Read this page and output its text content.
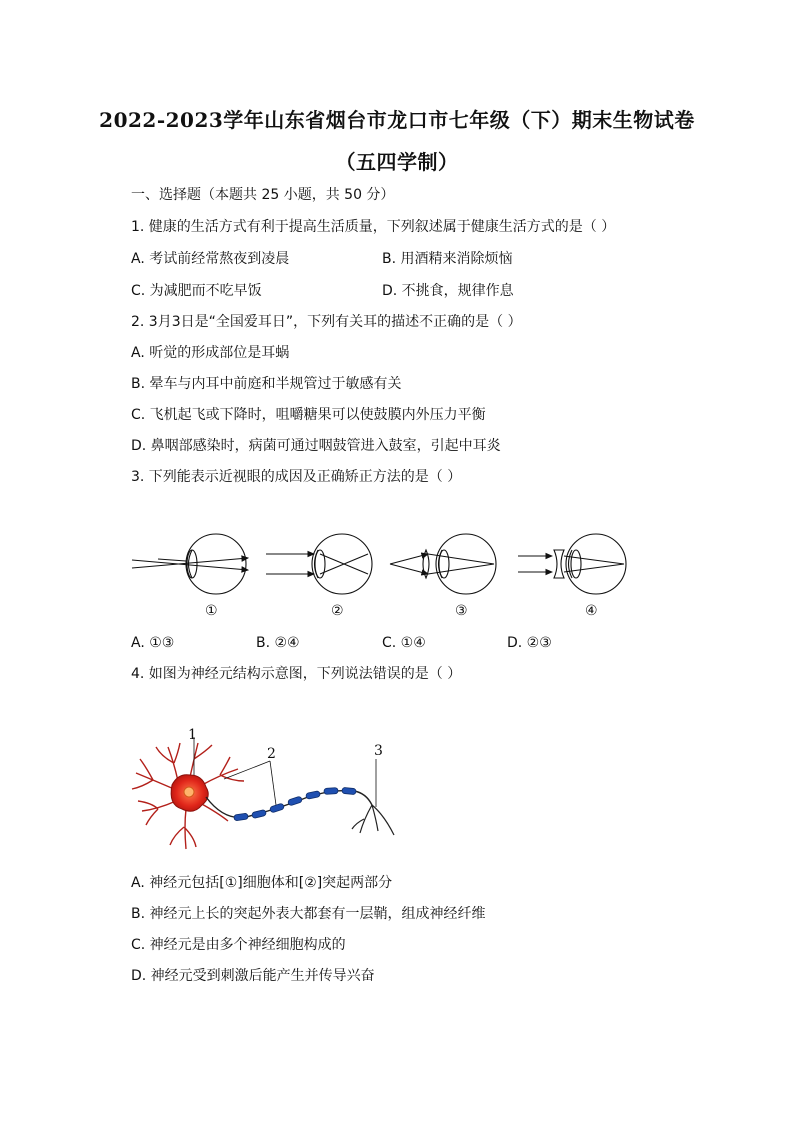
2022-2023学年山东省烟台市龙口市七年级（下）期末生物试卷
（五四学制）
一、选择题（本题共 25 小题，共 50 分）
1. 健康的生活方式有利于提高生活质量，下列叙述属于健康生活方式的是（ ）
A. 考试前经常熬夜到凌晨	B. 用酒精来消除烦恼
C. 为减肥而不吃早饭	D. 不挑食，规律作息
2. 3月3日是“全国爱耳日”，下列有关耳的描述不正确的是（ ）
A. 听觉的形成部位是耳蜗
B. 晕车与内耳中前庭和半规管过于敏感有关
C. 飞机起飞或下降时，咀嚼糖果可以使鼓膜内外压力平衡
D. 鼻咽部感染时，病菌可通过咽鼓管进入鼓室，引起中耳炎
3. 下列能表示近视眼的成因及正确矫正方法的是（ ）
①	②	③	④
A. ①③	B. ②④	C. ①④	D. ②③
4. 如图为神经元结构示意图，下列说法错误的是（ ）
1
2	3
A. 神经元包括[①]细胞体和[②]突起两部分
B. 神经元上长的突起外表大都套有一层鞘，组成神经纤维
C. 神经元是由多个神经细胞构成的
D. 神经元受到刺激后能产生并传导兴奋
